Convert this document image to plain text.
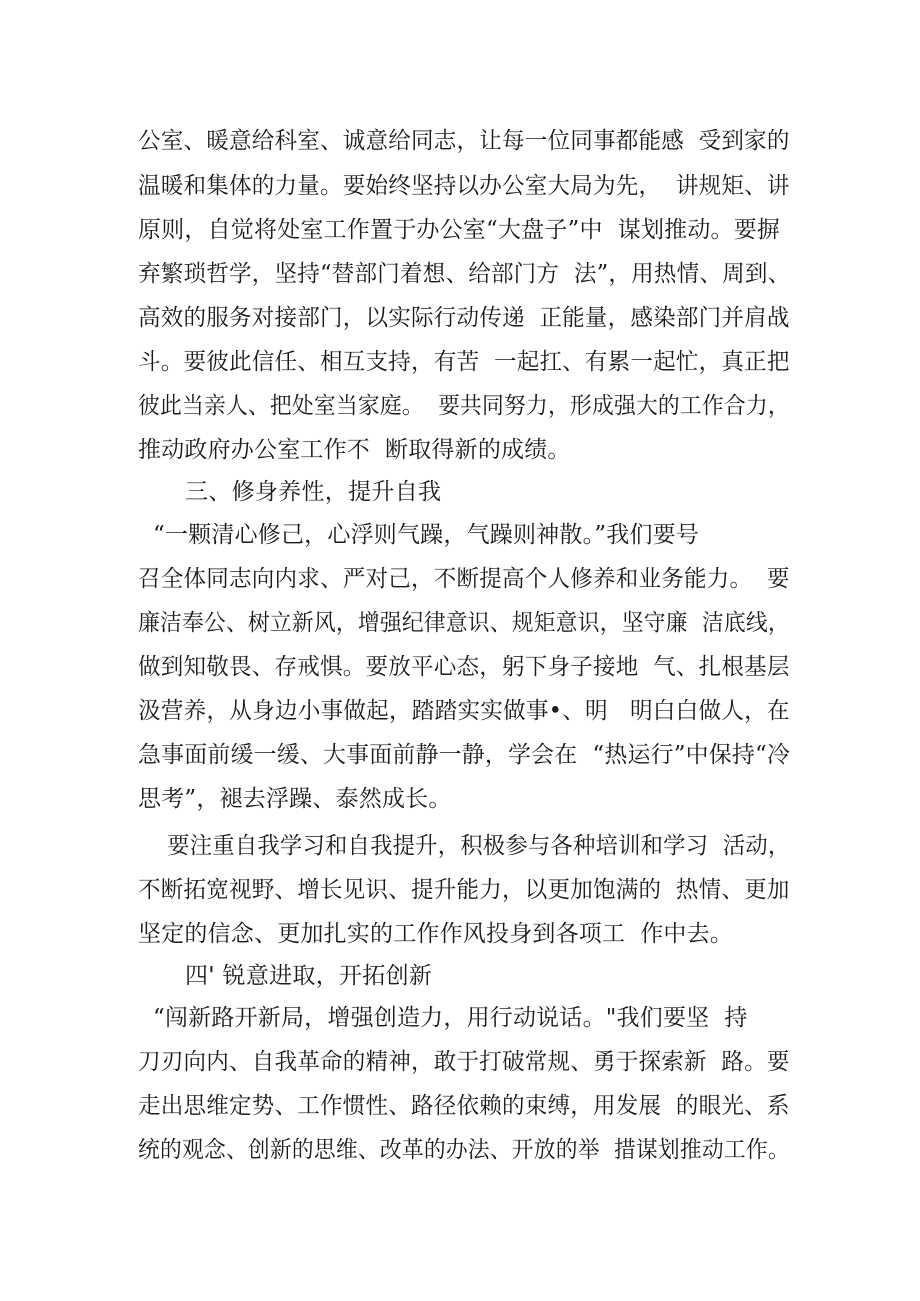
公室、暖意给科室、诚意给同志，让每一位同事都能感  受到家的
温暖和集体的力量。要始终坚持以办公室大局为先，  讲规矩、讲
原则，自觉将处室工作置于办公室“大盘子”中  谋划推动。要摒
弃繁琐哲学，坚持“替部门着想、给部门方  法”，用热情、周到、
高效的服务对接部门，以实际行动传递  正能量，感染部门并肩战
斗。要彼此信任、相互支持，有苦  一起扛、有累一起忙，真正把
彼此当亲人、把处室当家庭。  要共同努力，形成强大的工作合力，
推动政府办公室工作不  断取得新的成绩。
三、修身养性，提升自我
“一颗清心修己，心浮则气躁，气躁则神散。”我们要号
召全体同志向内求、严对己，不断提高个人修养和业务能力。  要
廉洁奉公、树立新风，增强纪律意识、规矩意识，坚守廉  洁底线，
做到知敬畏、存戒惧。要放平心态，躬下身子接地  气、扎根基层
汲营养，从身边小事做起，踏踏实实做事•、明   明白白做人，在
急事面前缓一缓、大事面前静一静，学会在  “热运行”中保持“冷
思考”，褪去浮躁、泰然成长。
要注重自我学习和自我提升，积极参与各种培训和学习  活动，
不断拓宽视野、增长见识、提升能力，以更加饱满的  热情、更加
坚定的信念、更加扎实的工作作风投身到各项工  作中去。
四' 锐意进取，开拓创新
“闯新路开新局，增强创造力，用行动说话。"我们要坚  持
刀刃向内、自我革命的精神，敢于打破常规、勇于探索新  路。要
走出思维定势、工作惯性、路径依赖的束缚，用发展  的眼光、系
统的观念、创新的思维、改革的办法、开放的举  措谋划推动工作。
